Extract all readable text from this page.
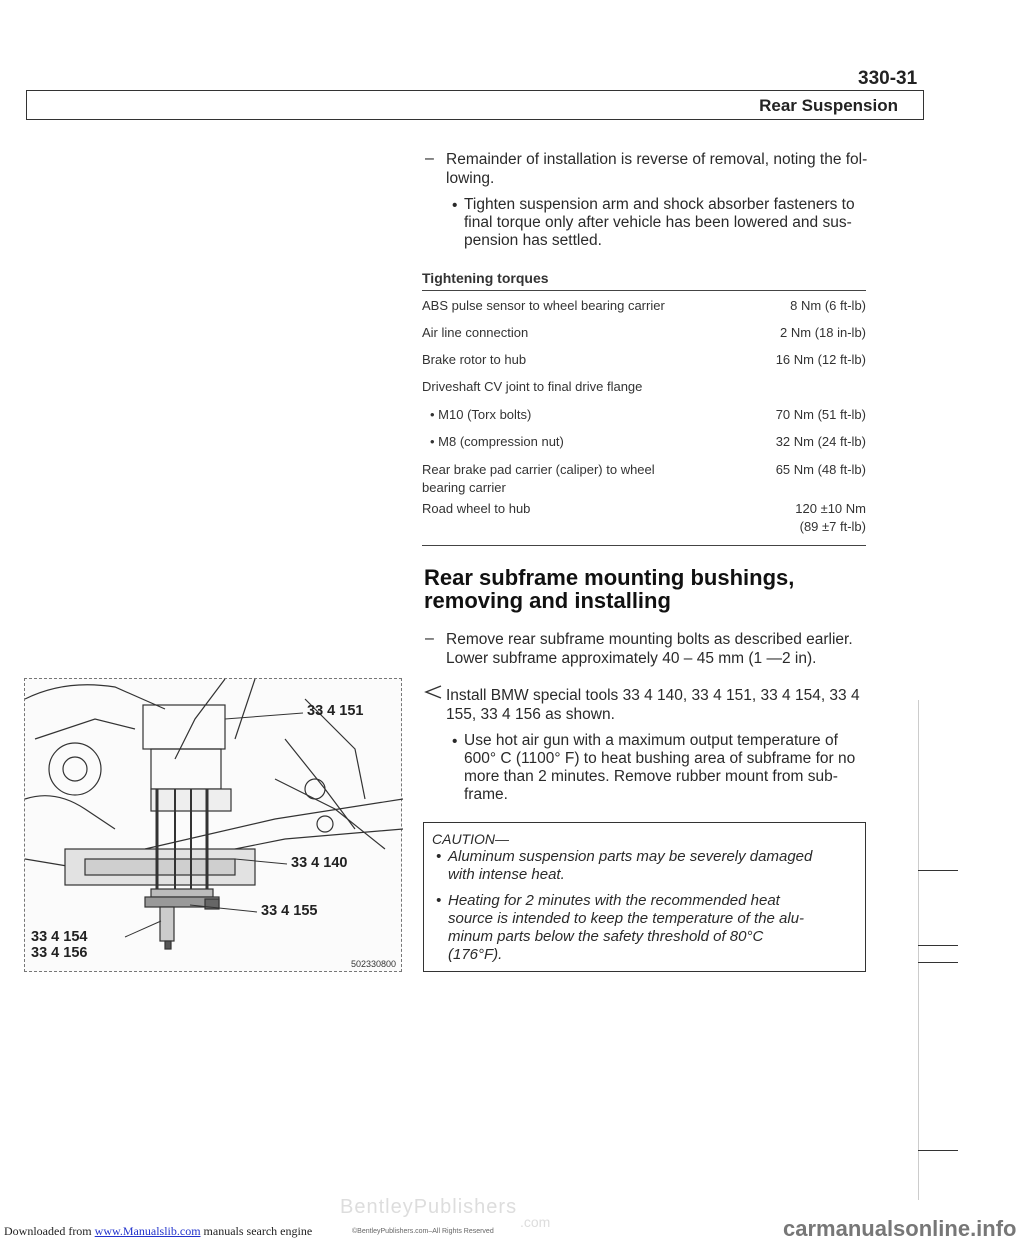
330-31
Rear Suspension
– Remainder of installation is reverse of removal, noting the fol-
lowing.
• Tighten suspension arm and shock absorber fasteners to
final torque only after vehicle has been lowered and sus-
pension has settled.
Tightening torques
ABS pulse sensor to wheel bearing carrier	8 Nm (6 ft-lb)
Air line connection	2 Nm (18 in-lb)
Brake rotor to hub	16 Nm (12 ft-lb)
Driveshaft CV joint to final drive flange
• M10 (Torx bolts)	70 Nm (51 ft-lb)
• M8 (compression nut)	32 Nm (24 ft-lb)
Rear brake pad carrier (caliper) to wheel	65 Nm (48 ft-lb)
bearing carrier
Road wheel to hub	120 ±10 Nm
(89 ±7 ft-lb)
Rear subframe mounting bushings,
removing and installing
– Remove rear subframe mounting bolts as described earlier.
Lower subframe approximately 40 – 45 mm (1 —2 in).
Install BMW special tools 33 4 140, 33 4 151, 33 4 154, 33 4
155, 33 4 156 as shown.
• Use hot air gun with a maximum output temperature of
600° C (1100° F) to heat bushing area of subframe for no
more than 2 minutes. Remove rubber mount from sub-
frame.
CAUTION—
• Aluminum suspension parts may be severely damaged
with intense heat.
• Heating for 2 minutes with the recommended heat
source is intended to keep the temperature of the alu-
minum parts below the safety threshold of 80°C
(176°F).
33 4 151
33 4 140
33 4 155
33 4 154
33 4 156
502330800
BentleyPublishers
.com
©BentleyPublishers.com–All Rights Reserved
Downloaded from www.Manualslib.com manuals search engine	carmanualsonline.info
